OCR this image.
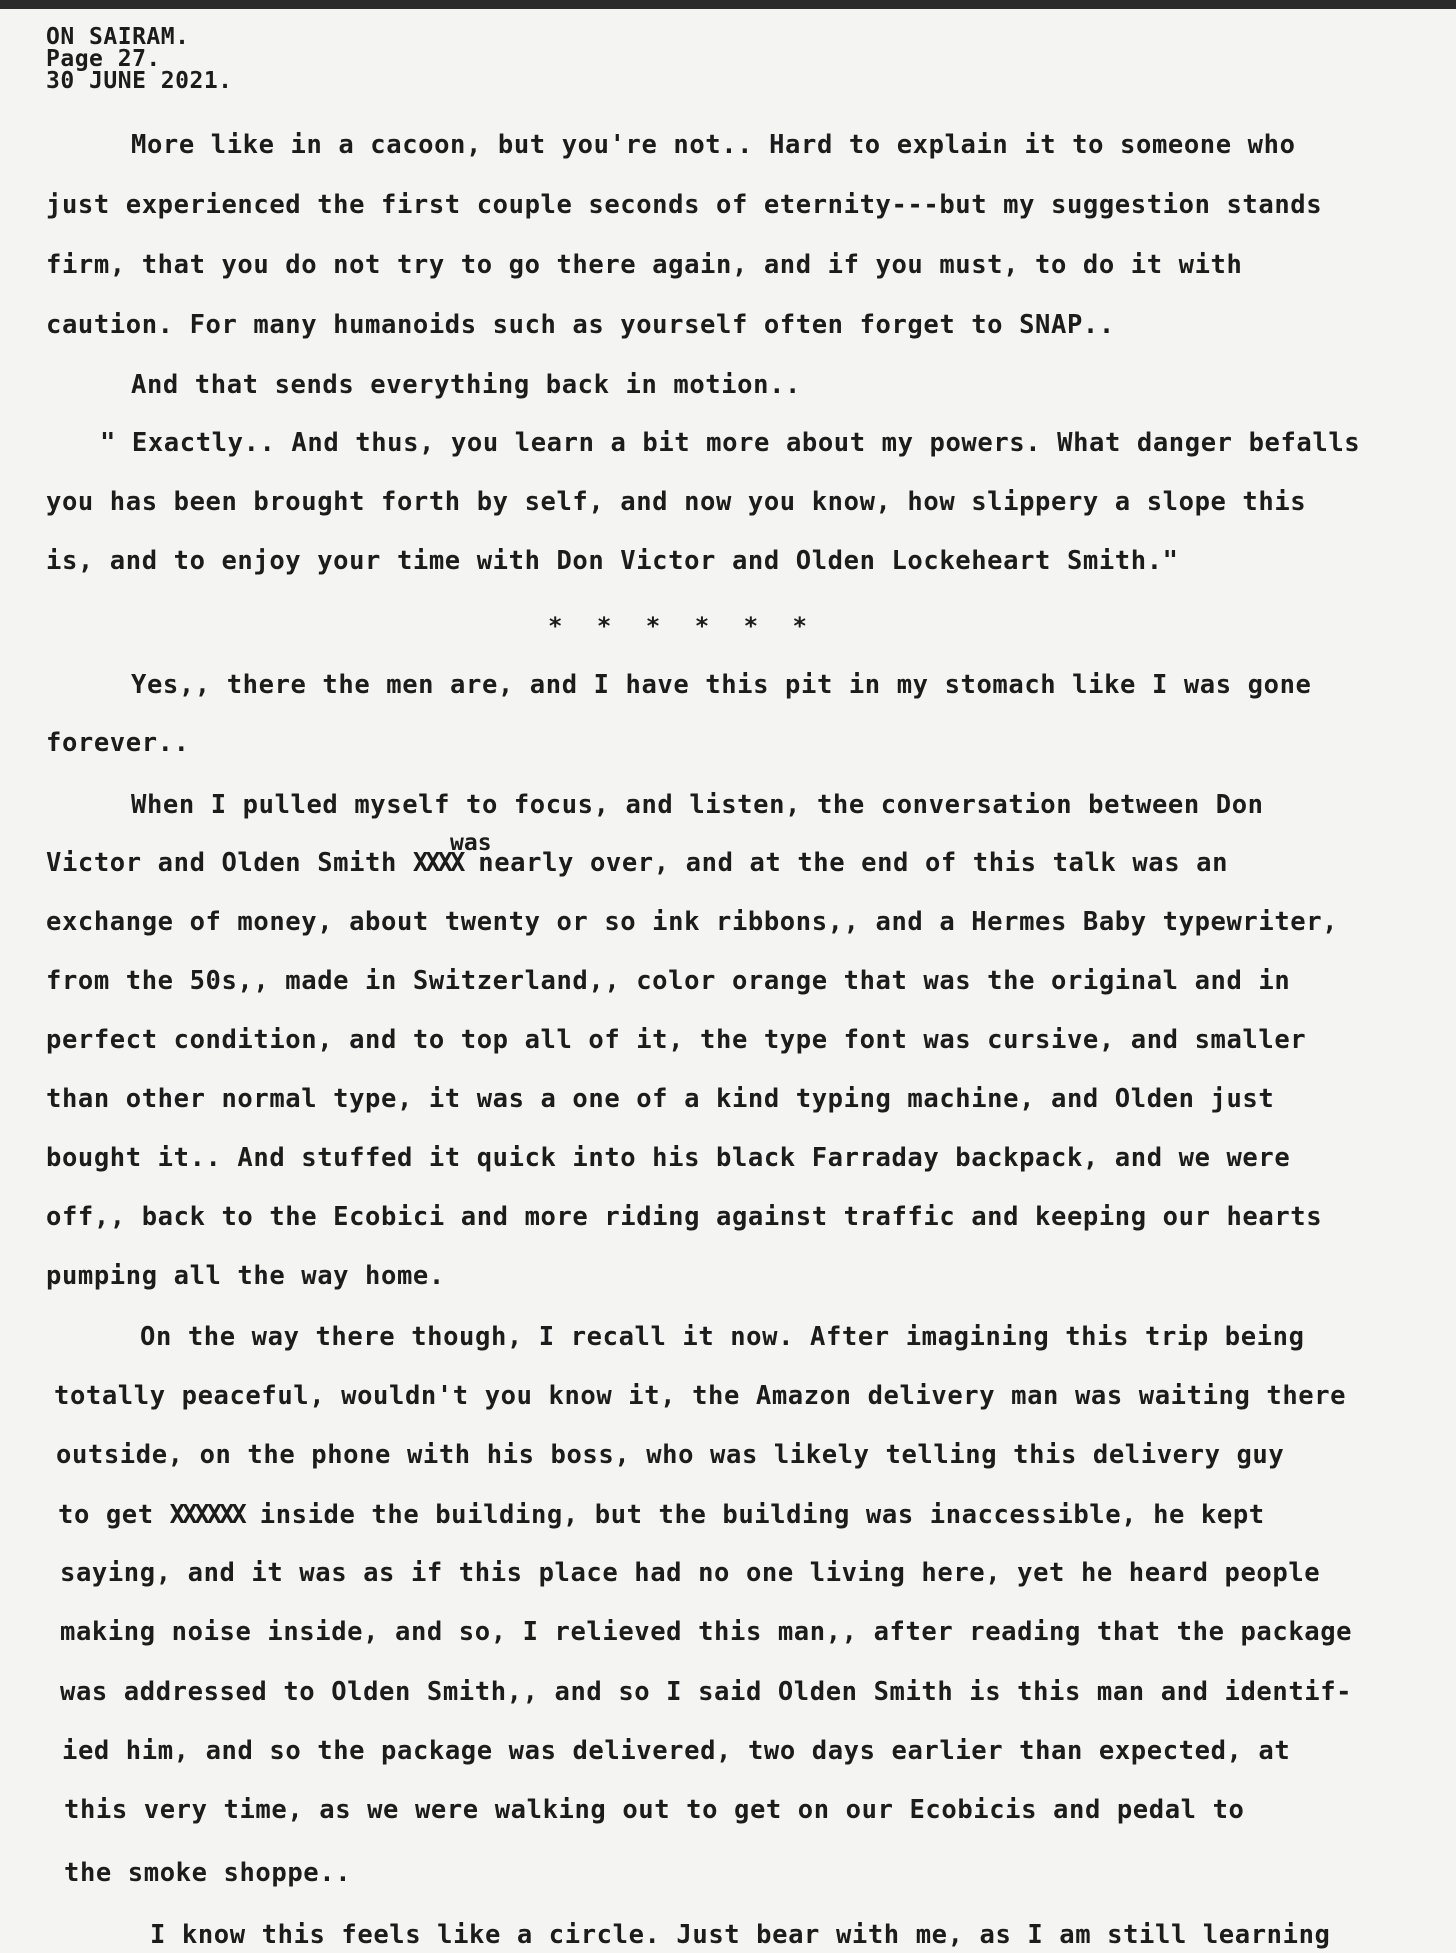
ON SAIRAM.
Page 27.
30 JUNE 2021.
More like in a cacoon, but you're not.. Hard to explain it to someone who
just experienced the first couple seconds of eternity---but my suggestion stands
firm, that you do not try to go there again, and if you must, to do it with
caution. For many humanoids such as yourself often forget to SNAP..
And that sends everything back in motion..
" Exactly.. And thus, you learn a bit more about my powers. What danger befalls
you has been brought forth by self, and now you know, how slippery a slope this
is, and to enjoy your time with Don Victor and Olden Lockeheart Smith."
* * * * * *
Yes,, there the men are, and I have this pit in my stomach like I was gone
forever..
When I pulled myself to focus, and listen, the conversation between Don
was
Victor and Olden Smith XXXX nearly over, and at the end of this talk was an
exchange of money, about twenty or so ink ribbons,, and a Hermes Baby typewriter,
from the 50s,, made in Switzerland,, color orange that was the original and in
perfect condition, and to top all of it, the type font was cursive, and smaller
than other normal type, it was a one of a kind typing machine, and Olden just
bought it.. And stuffed it quick into his black Farraday backpack, and we were
off,, back to the Ecobici and more riding against traffic and keeping our hearts
pumping all the way home.
On the way there though, I recall it now. After imagining this trip being
totally peaceful, wouldn't you know it, the Amazon delivery man was waiting there
outside, on the phone with his boss, who was likely telling this delivery guy
to get XXXXXX inside the building, but the building was inaccessible, he kept
saying, and it was as if this place had no one living here, yet he heard people
making noise inside, and so, I relieved this man,, after reading that the package
was addressed to Olden Smith,, and so I said Olden Smith is this man and identif-
ied him, and so the package was delivered, two days earlier than expected, at
this very time, as we were walking out to get on our Ecobicis and pedal to
the smoke shoppe..
I know this feels like a circle. Just bear with me, as I am still learning
